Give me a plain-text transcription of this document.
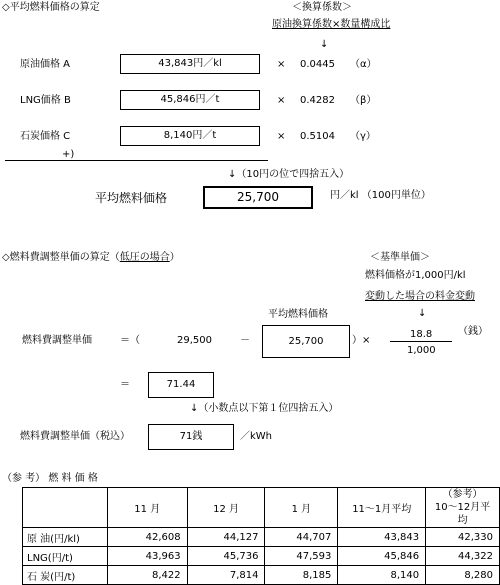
◇平均燃料価格の算定	＜換算係数＞
原油換算係数×数量構成比
↓
原油価格 A	43,843円／kl	× 0.0445 （α）
LNG価格 B	45,846円／t	× 0.4282 （β）
石炭価格 C	8,140円／t	× 0.5104 （γ）
+)
↓（10円の位で四捨五入）
平均燃料価格	25,700	円／kl （100円単位）
◇燃料費調整単価の算定（低圧の場合）	＜基準単価＞
燃料価格が1,000円/kl
変動した場合の料金変動
↓
平均燃料価格
燃料費調整単価	＝（	29,500	－	25,700	）×
18.8
1,000
（銭）
＝	71.44
↓（小数点以下第１位四捨五入）
燃料費調整単価（税込）	71銭	／kWh
（参 考） 燃 料 価 格
	11 月	12 月	1 月	11～1月平均	（参考）
10～12月平均
原 油(円/kl)	42,608	44,127	44,707	43,843	42,330
LNG(円/t)	43,963	45,736	47,593	45,846	44,322
石 炭(円/t)	8,422	7,814	8,185	8,140	8,280
